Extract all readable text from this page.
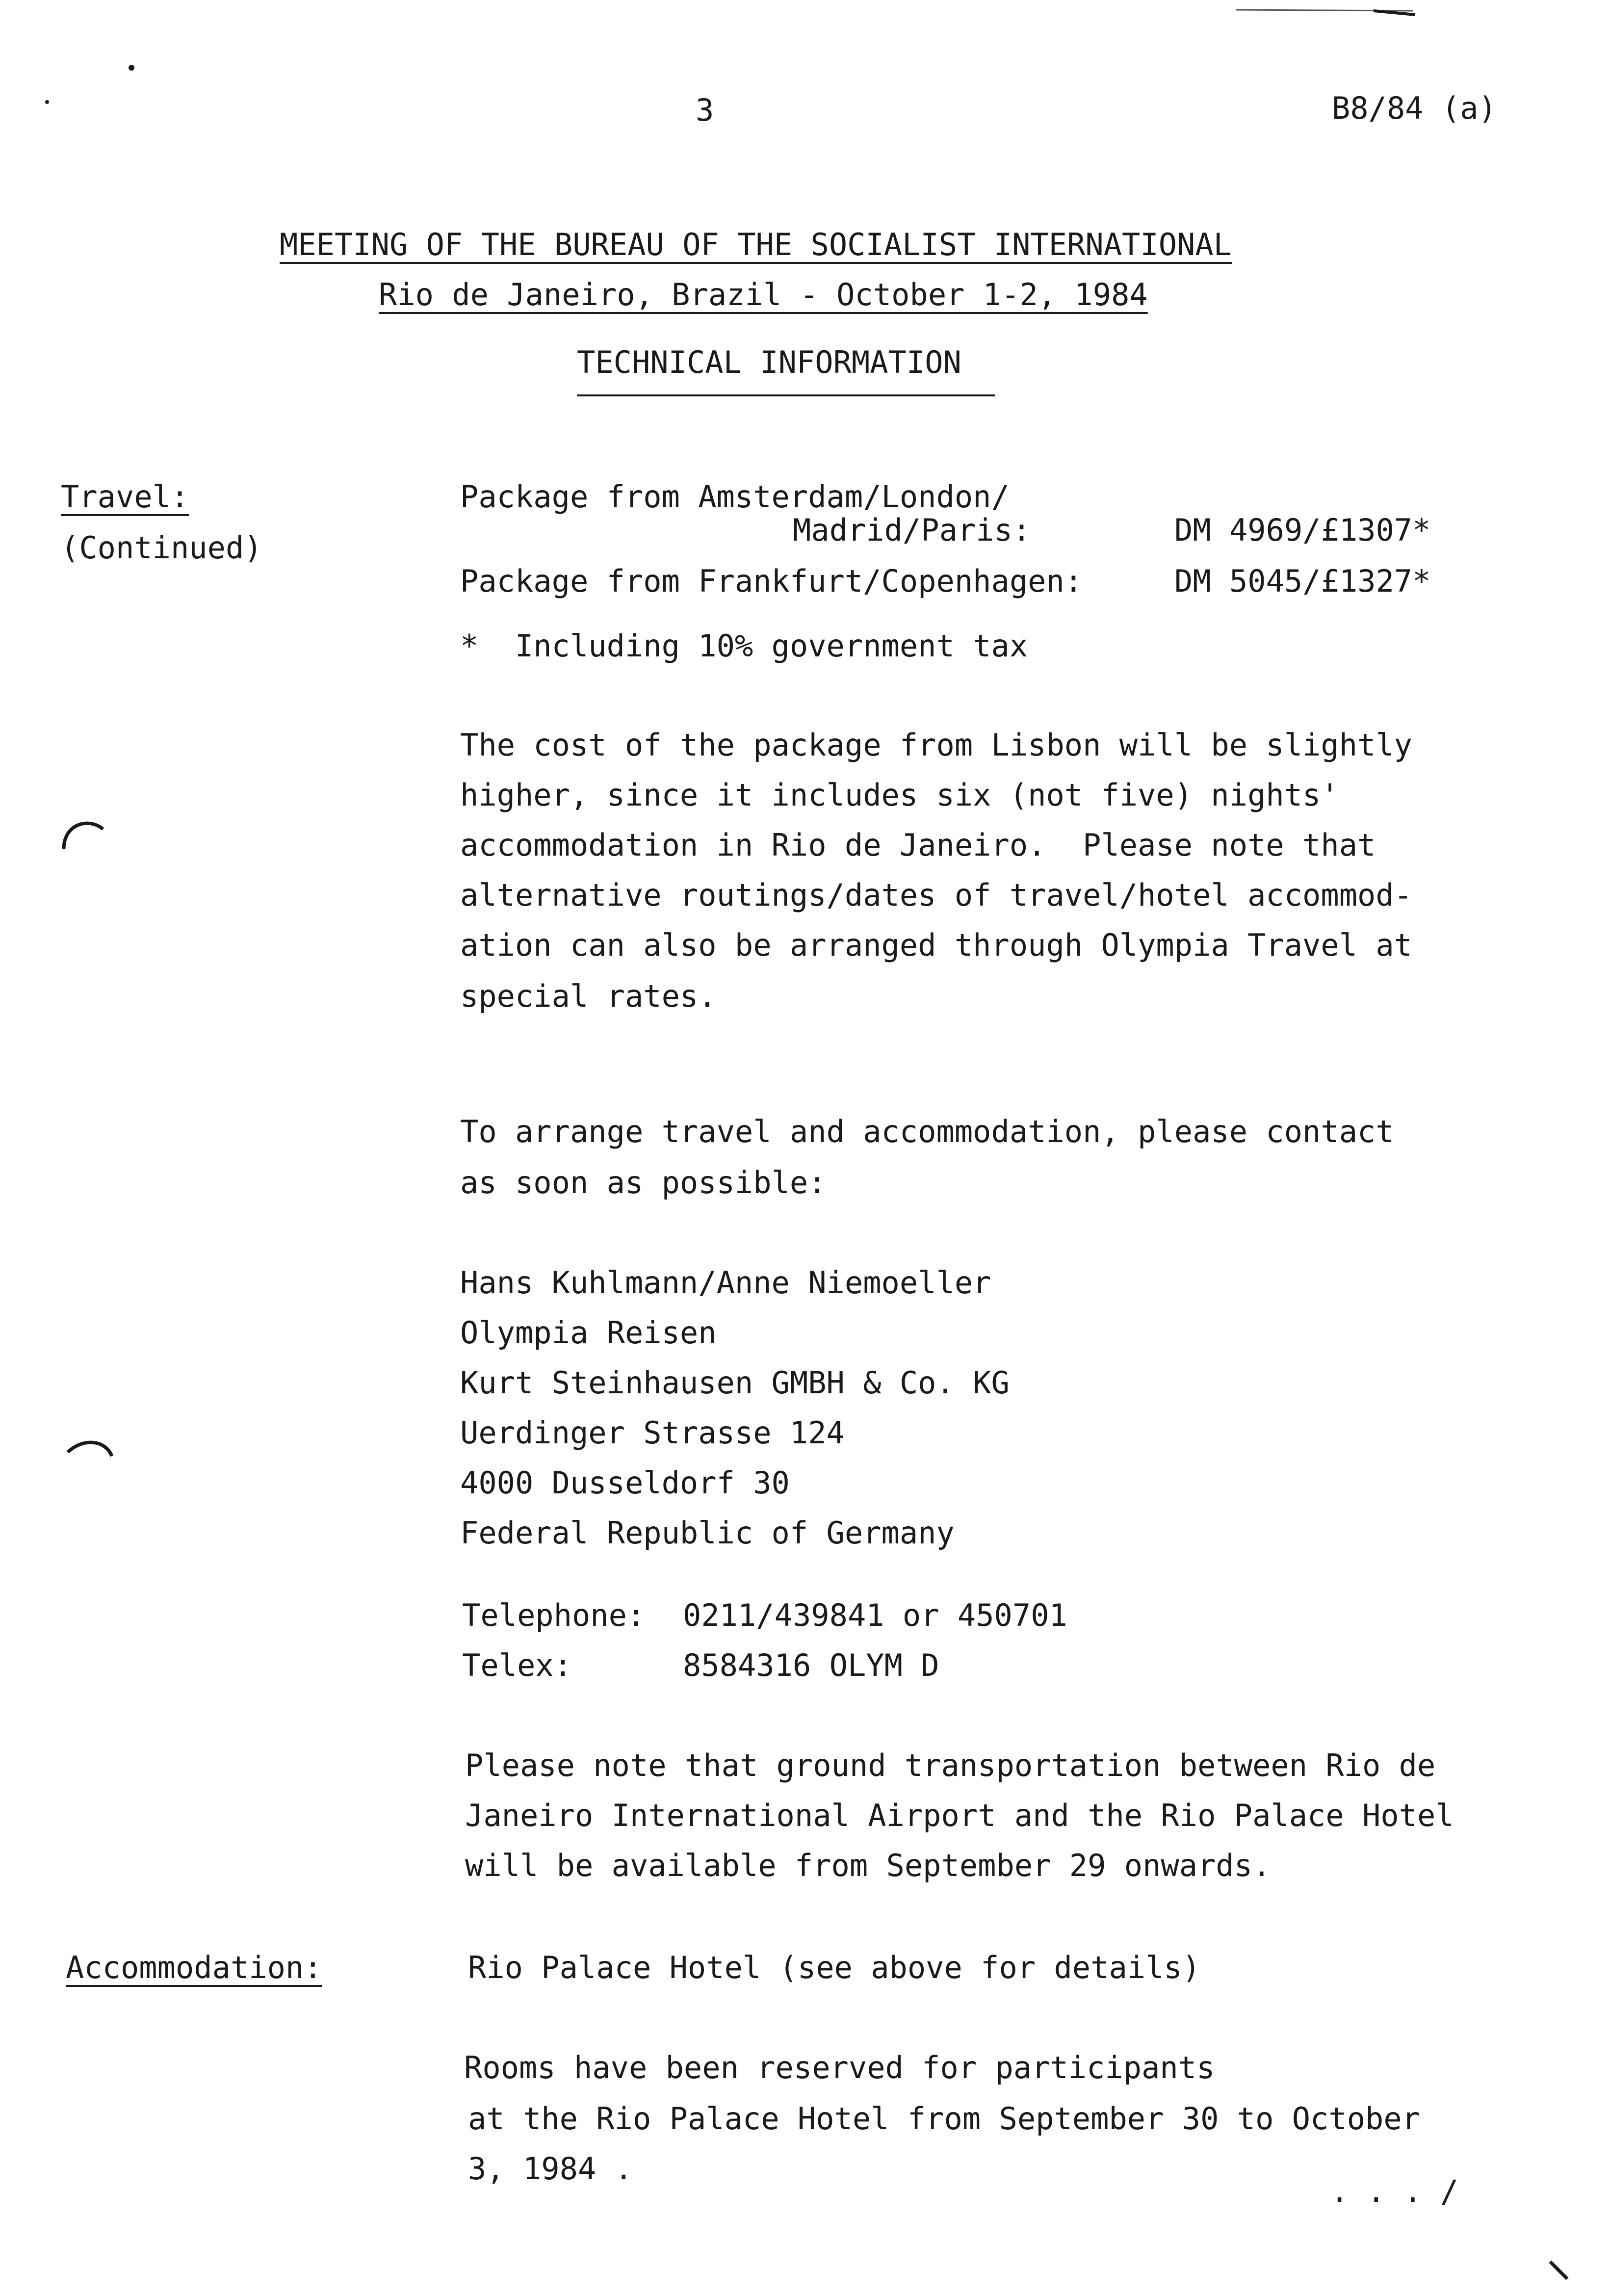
3	B8/84 (a)
MEETING OF THE BUREAU OF THE SOCIALIST INTERNATIONAL
Rio de Janeiro, Brazil - October 1-2, 1984
TECHNICAL INFORMATION
Travel:
(Continued)
Package from Amsterdam/London/
Madrid/Paris:	DM 4969/£1307*
Package from Frankfurt/Copenhagen:	DM 5045/£1327*
*  Including 10% government tax
The cost of the package from Lisbon will be slightly
higher, since it includes six (not five) nights'
accommodation in Rio de Janeiro.  Please note that
alternative routings/dates of travel/hotel accommod-
ation can also be arranged through Olympia Travel at
special rates.
To arrange travel and accommodation, please contact
as soon as possible:
Hans Kuhlmann/Anne Niemoeller
Olympia Reisen
Kurt Steinhausen GMBH & Co. KG
Uerdinger Strasse 124
4000 Dusseldorf 30
Federal Republic of Germany
Telephone: 0211/439841 or 450701
Telex:	8584316 OLYM D
Please note that ground transportation between Rio de
Janeiro International Airport and the Rio Palace Hotel
will be available from September 29 onwards.
Accommodation:	Rio Palace Hotel (see above for details)
Rooms have been reserved for participants
at the Rio Palace Hotel from September 30 to October
3, 1984 .
. . . /
